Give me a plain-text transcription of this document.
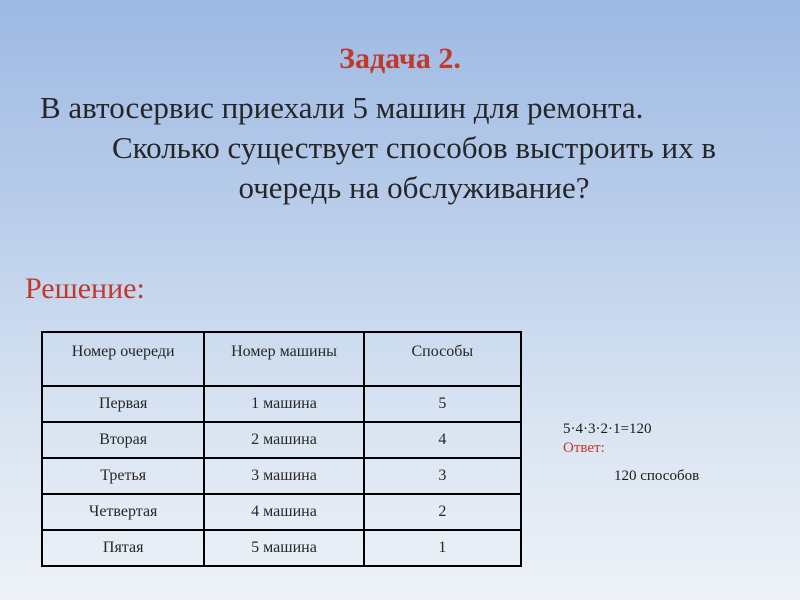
Задача 2.
В автосервис приехали 5 машин для ремонта.
Сколько существует способов выстроить их в очередь на обслуживание?
Решение:
Номер очереди	Номер машины	Способы
Первая	1 машина	5
Вторая	2 машина	4
Третья	3 машина	3
Четвертая	4 машина	2
Пятая	5 машина	1
5·4·3·2·1=120
Ответ:
120 способов
